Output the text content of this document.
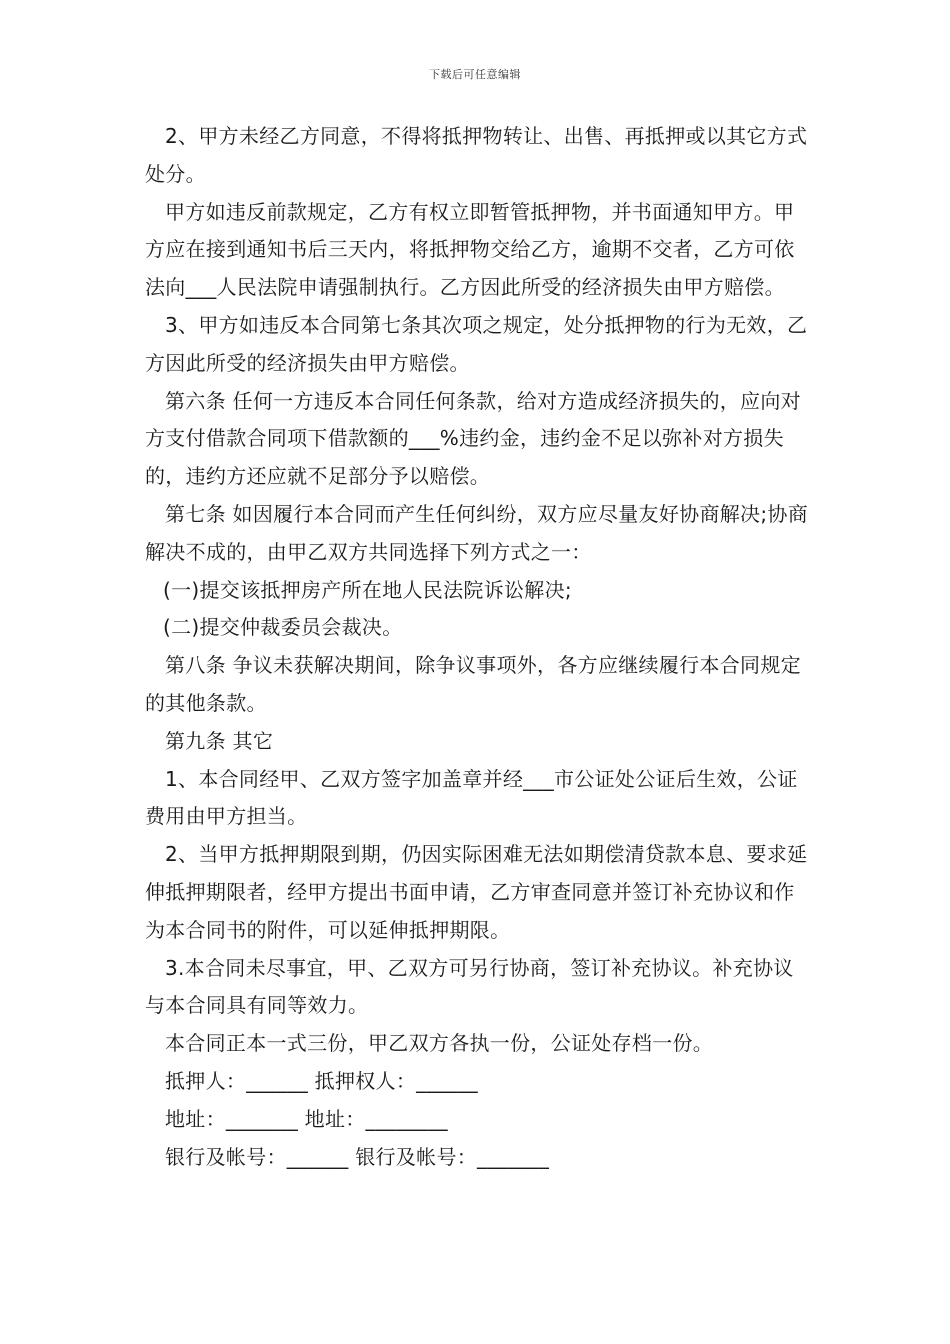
下载后可任意编辑

2、甲方未经乙方同意，不得将抵押物转让、出售、再抵押或以其它方式处分。

甲方如违反前款规定，乙方有权立即暂管抵押物，并书面通知甲方。甲方应在接到通知书后三天内，将抵押物交给乙方，逾期不交者，乙方可依法向___人民法院申请强制执行。乙方因此所受的经济损失由甲方赔偿。

3、甲方如违反本合同第七条其次项之规定，处分抵押物的行为无效，乙方因此所受的经济损失由甲方赔偿。

第六条 任何一方违反本合同任何条款，给对方造成经济损失的，应向对方支付借款合同项下借款额的___%违约金，违约金不足以弥补对方损失的，违约方还应就不足部分予以赔偿。

第七条 如因履行本合同而产生任何纠纷，双方应尽量友好协商解决;协商解决不成的，由甲乙双方共同选择下列方式之一：

(一)提交该抵押房产所在地人民法院诉讼解决;

(二)提交仲裁委员会裁决。

第八条 争议未获解决期间，除争议事项外，各方应继续履行本合同规定的其他条款。

第九条 其它

1、本合同经甲、乙双方签字加盖章并经___市公证处公证后生效，公证费用由甲方担当。

2、当甲方抵押期限到期，仍因实际困难无法如期偿清贷款本息、要求延伸抵押期限者，经甲方提出书面申请，乙方审查同意并签订补充协议和作为本合同书的附件，可以延伸抵押期限。

3.本合同未尽事宜，甲、乙双方可另行协商，签订补充协议。补充协议与本合同具有同等效力。

本合同正本一式三份，甲乙双方各执一份，公证处存档一份。

抵押人：______ 抵押权人：______

地址：_______ 地址：________

银行及帐号：______ 银行及帐号：_______
